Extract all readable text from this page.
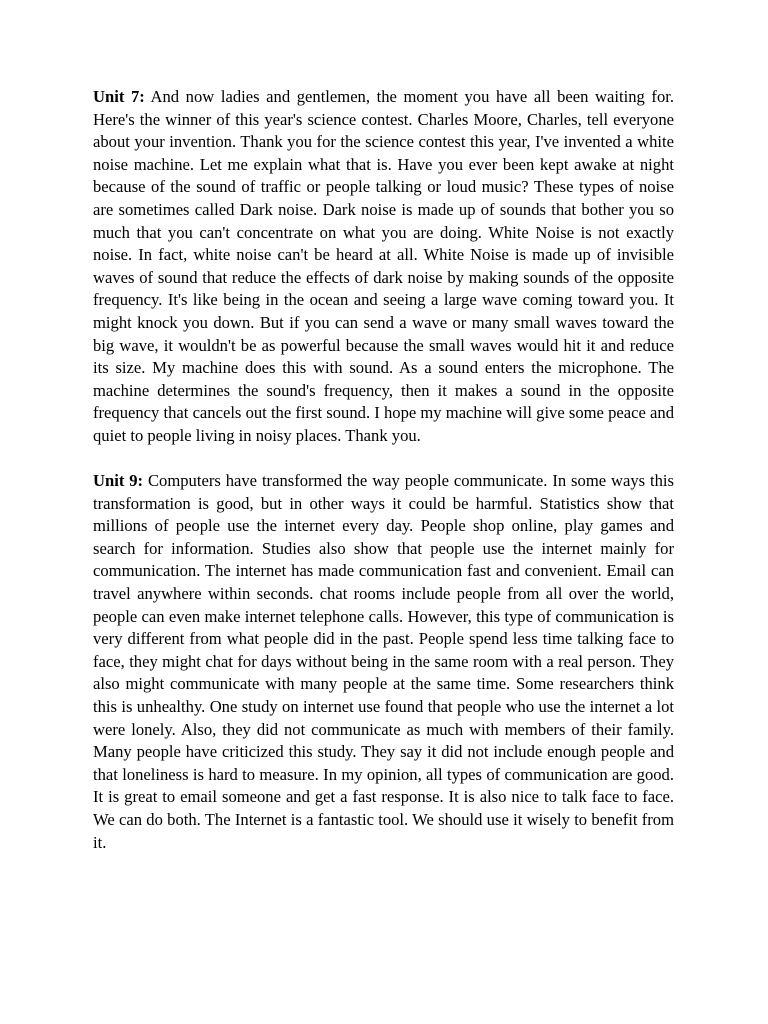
Unit 7: And now ladies and gentlemen, the moment you have all been waiting for. Here's the winner of this year's science contest. Charles Moore, Charles, tell everyone about your invention. Thank you for the science contest this year, I've invented a white noise machine. Let me explain what that is. Have you ever been kept awake at night because of the sound of traffic or people talking or loud music? These types of noise are sometimes called Dark noise. Dark noise is made up of sounds that bother you so much that you can't concentrate on what you are doing. White Noise is not exactly noise. In fact, white noise can't be heard at all. White Noise is made up of invisible waves of sound that reduce the effects of dark noise by making sounds of the opposite frequency. It's like being in the ocean and seeing a large wave coming toward you. It might knock you down. But if you can send a wave or many small waves toward the big wave, it wouldn't be as powerful because the small waves would hit it and reduce its size. My machine does this with sound. As a sound enters the microphone. The machine determines the sound's frequency, then it makes a sound in the opposite frequency that cancels out the first sound. I hope my machine will give some peace and quiet to people living in noisy places. Thank you.

Unit 9: Computers have transformed the way people communicate. In some ways this transformation is good, but in other ways it could be harmful. Statistics show that millions of people use the internet every day. People shop online, play games and search for information. Studies also show that people use the internet mainly for communication. The internet has made communication fast and convenient. Email can travel anywhere within seconds. chat rooms include people from all over the world, people can even make internet telephone calls. However, this type of communication is very different from what people did in the past. People spend less time talking face to face, they might chat for days without being in the same room with a real person. They also might communicate with many people at the same time. Some researchers think this is unhealthy. One study on internet use found that people who use the internet a lot were lonely. Also, they did not communicate as much with members of their family. Many people have criticized this study. They say it did not include enough people and that loneliness is hard to measure. In my opinion, all types of communication are good. It is great to email someone and get a fast response. It is also nice to talk face to face. We can do both. The Internet is a fantastic tool. We should use it wisely to benefit from it.
